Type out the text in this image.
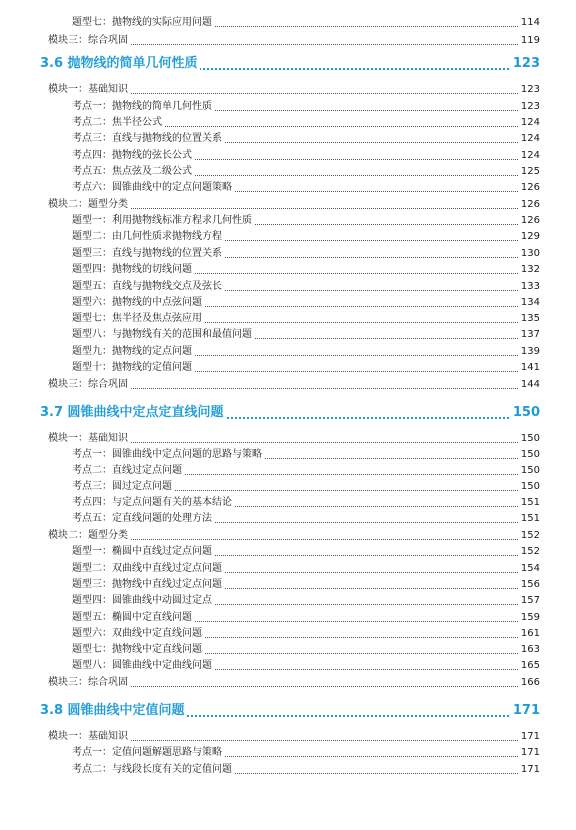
题型七：抛物线的实际应用问题	114
模块三：综合巩固	119
3.6 抛物线的简单几何性质	123
模块一：基础知识	123
考点一：抛物线的简单几何性质	123
考点二：焦半径公式	124
考点三：直线与抛物线的位置关系	124
考点四：抛物线的弦长公式	124
考点五：焦点弦及二级公式	125
考点六：圆锥曲线中的定点问题策略	126
模块二：题型分类	126
题型一：利用抛物线标准方程求几何性质	126
题型二：由几何性质求抛物线方程	129
题型三：直线与抛物线的位置关系	130
题型四：抛物线的切线问题	132
题型五：直线与抛物线交点及弦长	133
题型六：抛物线的中点弦问题	134
题型七：焦半径及焦点弦应用	135
题型八：与抛物线有关的范围和最值问题	137
题型九：抛物线的定点问题	139
题型十：抛物线的定值问题	141
模块三：综合巩固	144
3.7 圆锥曲线中定点定直线问题	150
模块一：基础知识	150
考点一：圆锥曲线中定点问题的思路与策略	150
考点二：直线过定点问题	150
考点三：圆过定点问题	150
考点四：与定点问题有关的基本结论	151
考点五：定直线问题的处理方法	151
模块二：题型分类	152
题型一：椭圆中直线过定点问题	152
题型二：双曲线中直线过定点问题	154
题型三：抛物线中直线过定点问题	156
题型四：圆锥曲线中动圆过定点	157
题型五：椭圆中定直线问题	159
题型六：双曲线中定直线问题	161
题型七：抛物线中定直线问题	163
题型八：圆锥曲线中定曲线问题	165
模块三：综合巩固	166
3.8 圆锥曲线中定值问题	171
模块一：基础知识	171
考点一：定值问题解题思路与策略	171
考点二：与线段长度有关的定值问题	171
